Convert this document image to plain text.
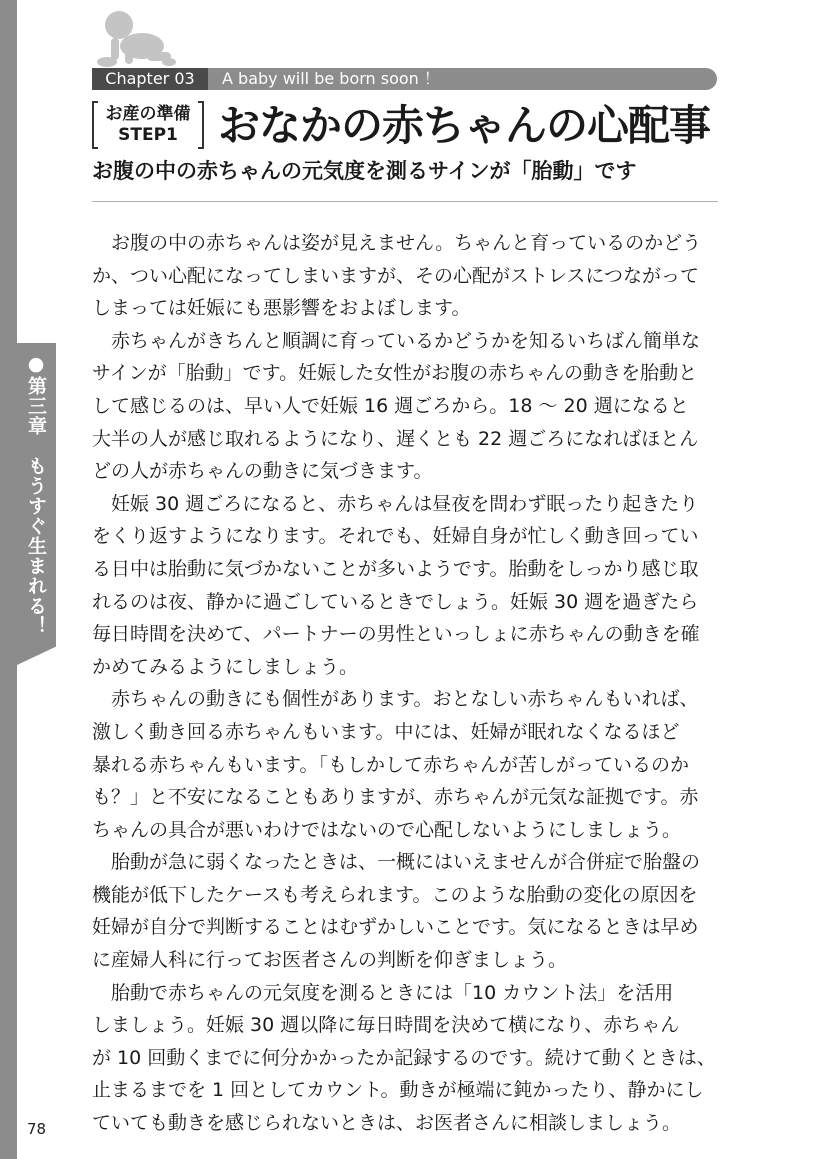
●第三章　もうすぐ生まれる！
Chapter 03	A baby will be born soon ！
お産の準備
STEP1 おなかの赤ちゃんの心配事
お腹の中の赤ちゃんの元気度を測るサインが「胎動」です
　お腹の中の赤ちゃんは姿が見えません。ちゃんと育っているのかどう
か、つい心配になってしまいますが、その心配がストレスにつながって
しまっては妊娠にも悪影響をおよぼします。
　赤ちゃんがきちんと順調に育っているかどうかを知るいちばん簡単な
サインが「胎動」です。妊娠した女性がお腹の赤ちゃんの動きを胎動と
して感じるのは、早い人で妊娠 16 週ごろから。18 ～ 20 週になると
大半の人が感じ取れるようになり、遅くとも 22 週ごろになればほとん
どの人が赤ちゃんの動きに気づきます。
　妊娠 30 週ごろになると、赤ちゃんは昼夜を問わず眠ったり起きたり
をくり返すようになります。それでも、妊婦自身が忙しく動き回ってい
る日中は胎動に気づかないことが多いようです。胎動をしっかり感じ取
れるのは夜、静かに過ごしているときでしょう。妊娠 30 週を過ぎたら
毎日時間を決めて、パートナーの男性といっしょに赤ちゃんの動きを確
かめてみるようにしましょう。
　赤ちゃんの動きにも個性があります。おとなしい赤ちゃんもいれば、
激しく動き回る赤ちゃんもいます。中には、妊婦が眠れなくなるほど
暴れる赤ちゃんもいます。「もしかして赤ちゃんが苦しがっているのか
も？」と不安になることもありますが、赤ちゃんが元気な証拠です。赤
ちゃんの具合が悪いわけではないので心配しないようにしましょう。
　胎動が急に弱くなったときは、一概にはいえませんが合併症で胎盤の
機能が低下したケースも考えられます。このような胎動の変化の原因を
妊婦が自分で判断することはむずかしいことです。気になるときは早め
に産婦人科に行ってお医者さんの判断を仰ぎましょう。
　胎動で赤ちゃんの元気度を測るときには「10 カウント法」を活用
しましょう。妊娠 30 週以降に毎日時間を決めて横になり、赤ちゃん
が 10 回動くまでに何分かかったか記録するのです。続けて動くときは、
止まるまでを 1 回としてカウント。動きが極端に鈍かったり、静かにし
ていても動きを感じられないときは、お医者さんに相談しましょう。
78
